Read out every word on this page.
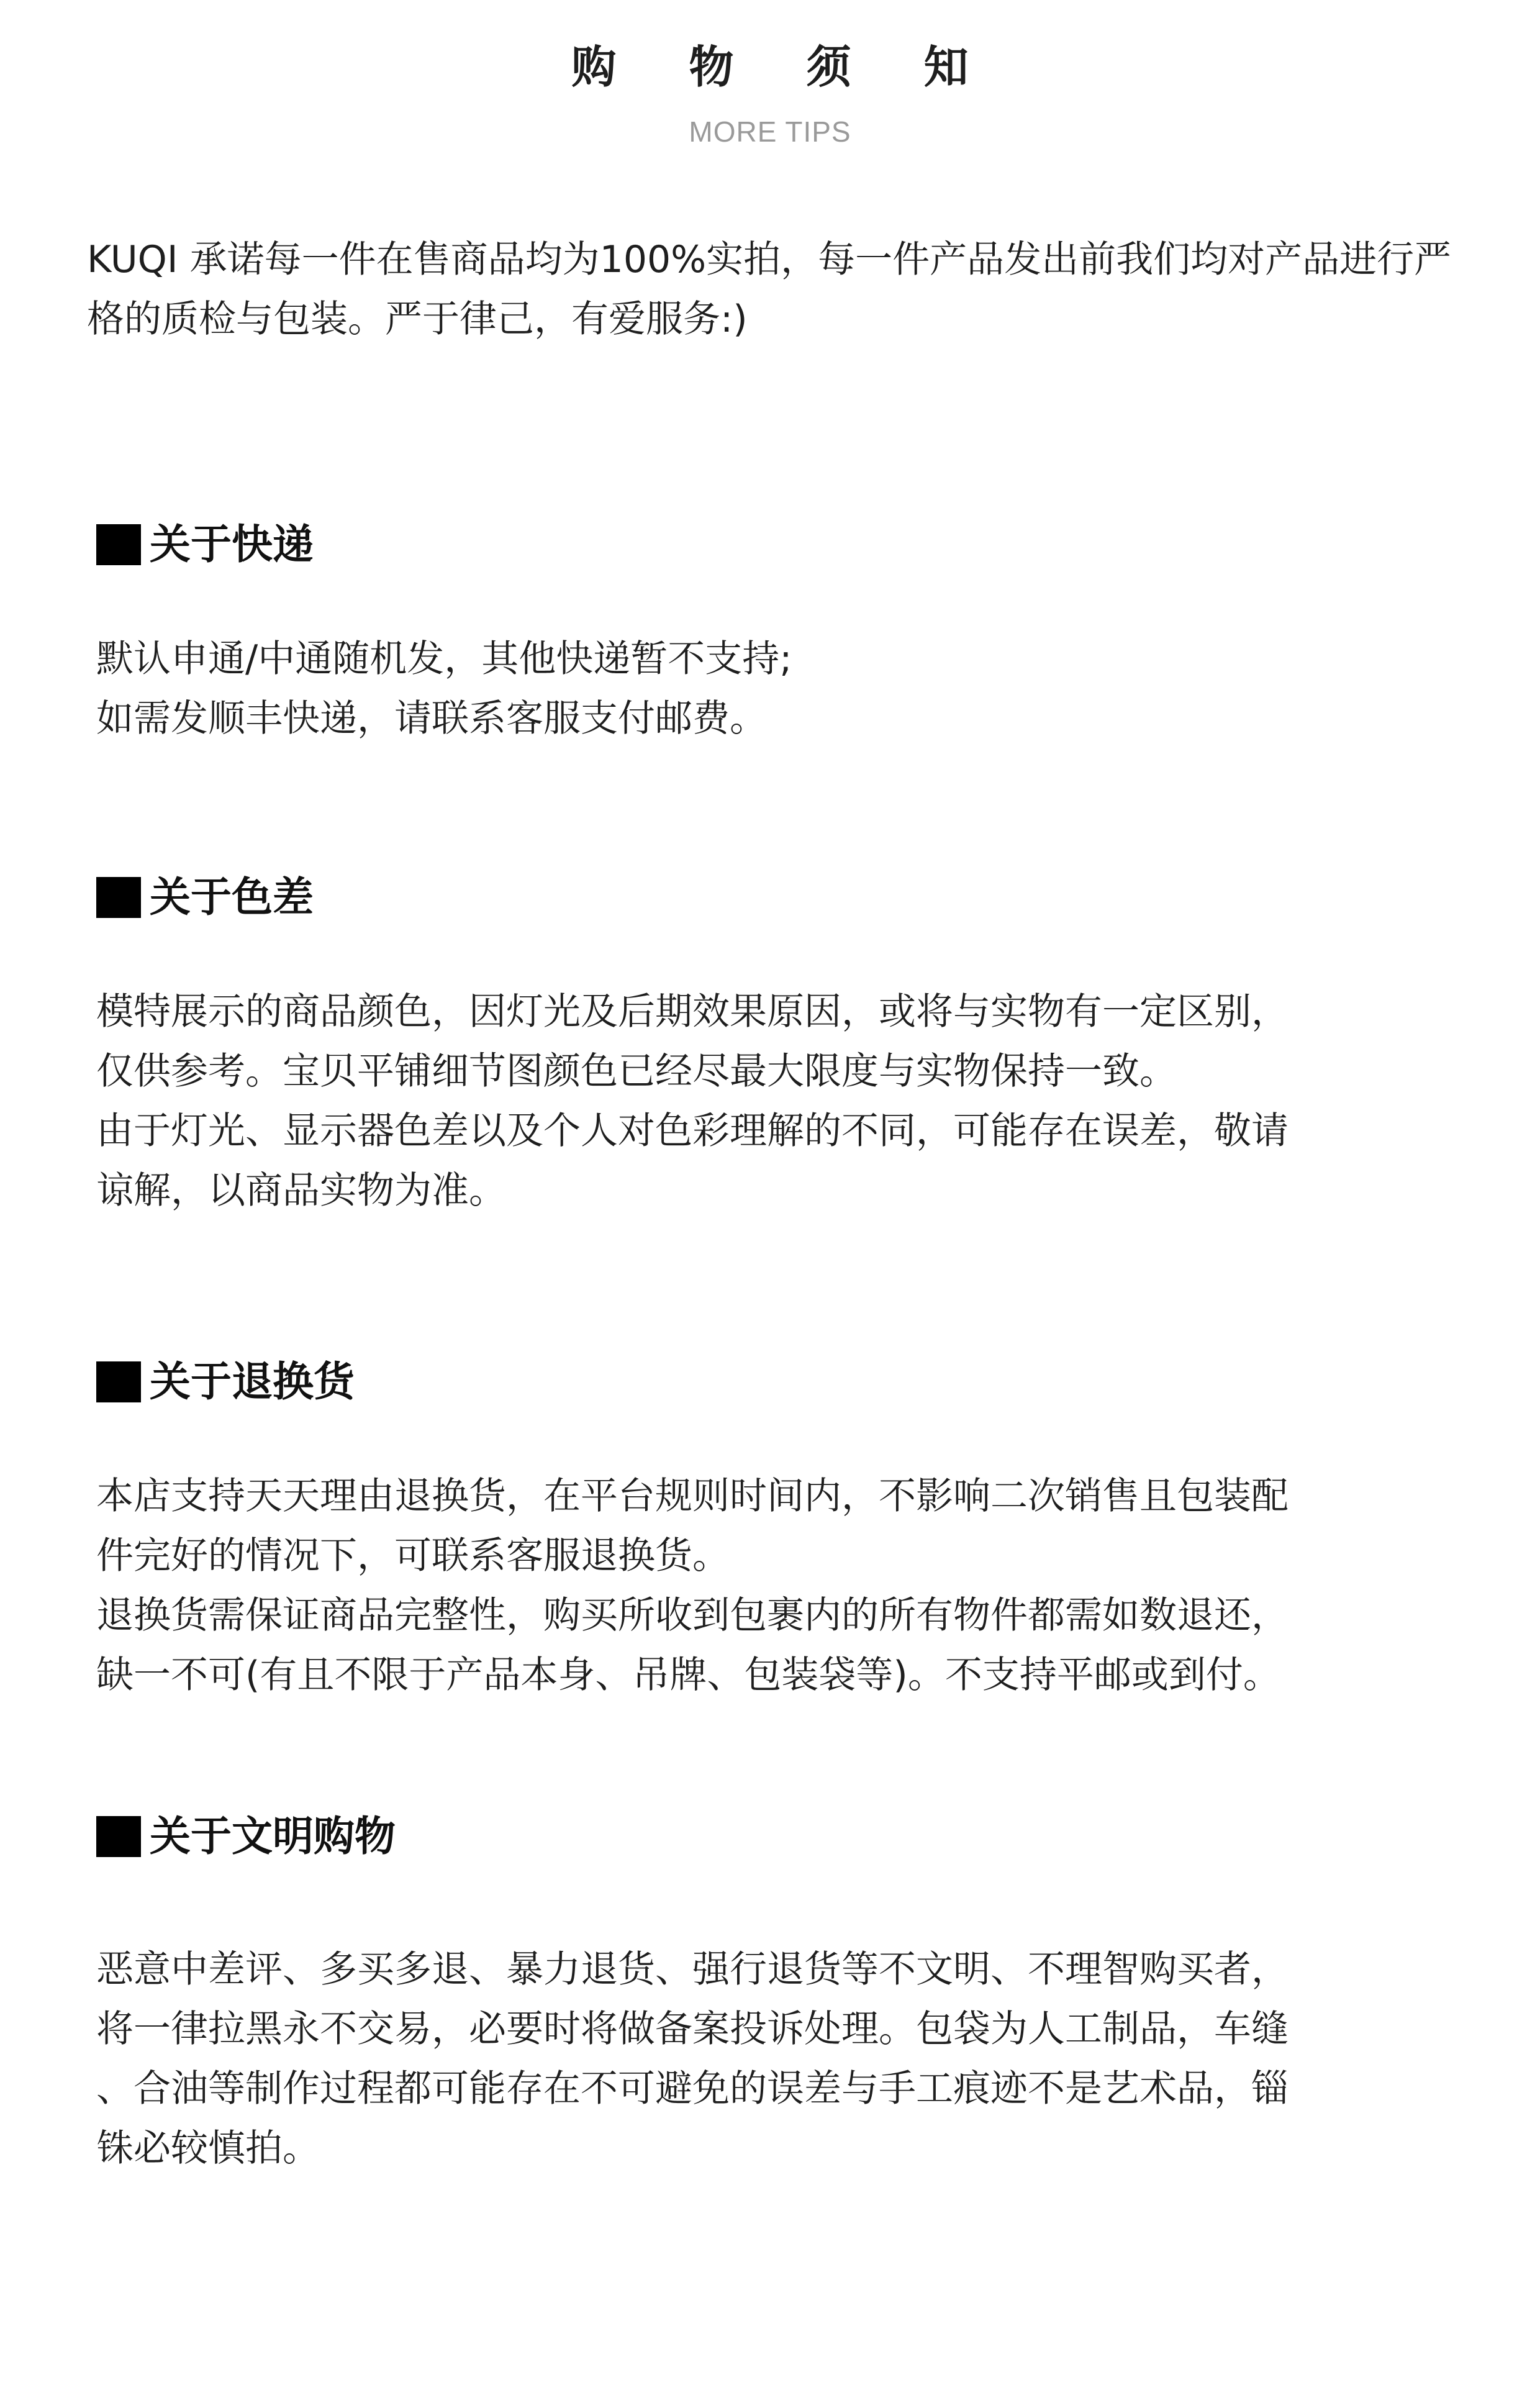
购 物 须 知
MORE TIPS

KUQI 承诺每一件在售商品均为100%实拍，每一件产品发出前我们均对产品进行严格的质检与包装。严于律己，有爱服务:)

关于快递

默认申通/中通随机发，其他快递暂不支持;
如需发顺丰快递，请联系客服支付邮费。

关于色差

模特展示的商品颜色，因灯光及后期效果原因，或将与实物有一定区别，
仅供参考。宝贝平铺细节图颜色已经尽最大限度与实物保持一致。
由于灯光、显示器色差以及个人对色彩理解的不同，可能存在误差，敬请
谅解，以商品实物为准。

关于退换货

本店支持天天理由退换货，在平台规则时间内，不影响二次销售且包装配
件完好的情况下，可联系客服退换货。
退换货需保证商品完整性，购买所收到包裹内的所有物件都需如数退还，
缺一不可(有且不限于产品本身、吊牌、包装袋等)。不支持平邮或到付。

关于文明购物

恶意中差评、多买多退、暴力退货、强行退货等不文明、不理智购买者，
将一律拉黑永不交易，必要时将做备案投诉处理。包袋为人工制品，车缝
、合油等制作过程都可能存在不可避免的误差与手工痕迹不是艺术品，锱
铢必较慎拍。
